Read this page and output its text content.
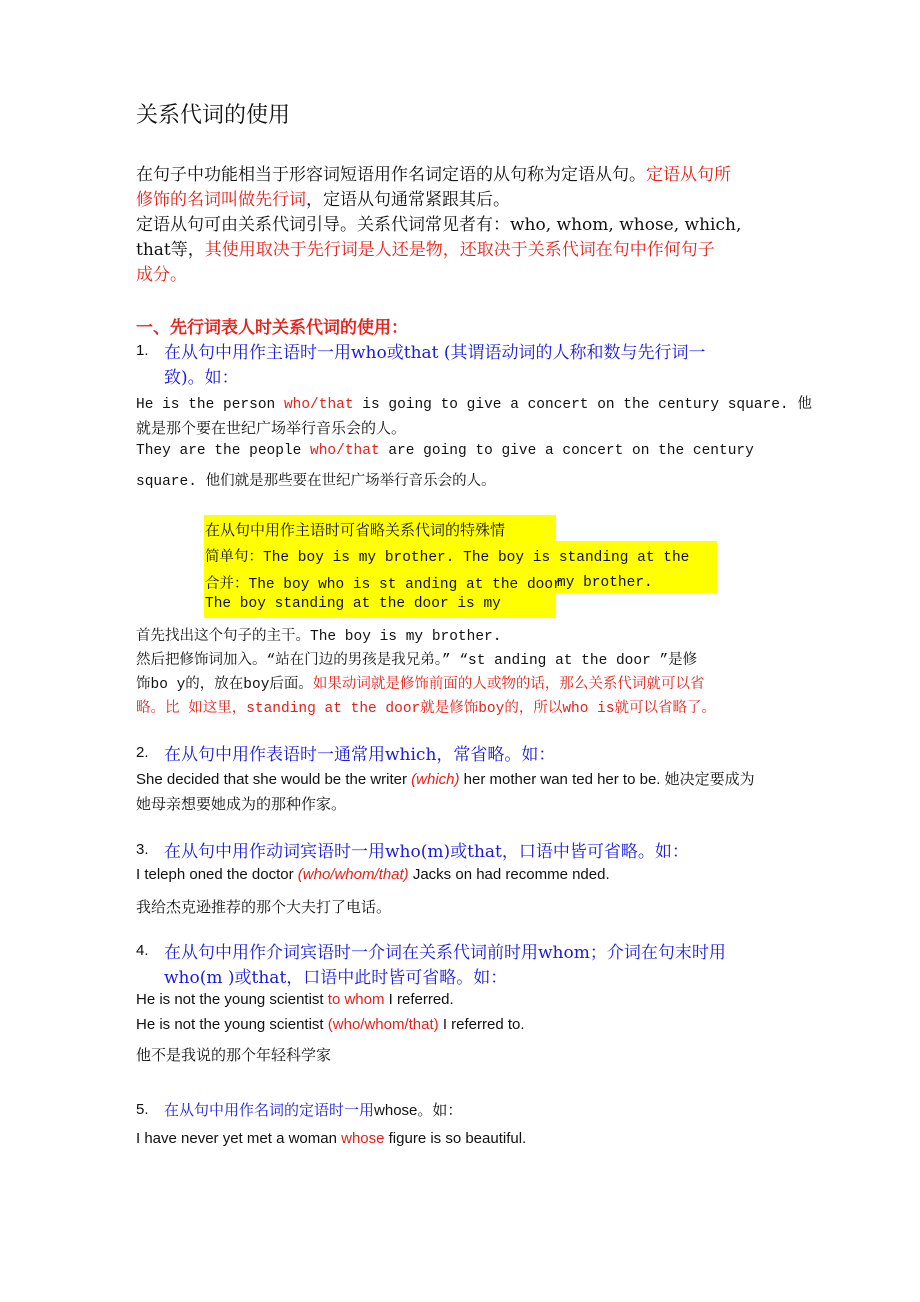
关系代词的使用
在句子中功能相当于形容词短语用作名词定语的从句称为定语从句。定语从句所
修饰的名词叫做先行词，定语从句通常紧跟其后。
定语从句可由关系代词引导。关系代词常见者有：who, whom, whose, which,
that等，其使用取决于先行词是人还是物，还取决于关系代词在句中作何句子
成分。
一、先行词表人时关系代词的使用：
1. 在从句中用作主语时一用who或that (其谓语动词的人称和数与先行词一
致)。如：
He is the person who/that is going to give a concert on the century square. 他
就是那个要在世纪广场举行音乐会的人。
They are the people who/that are going to give a concert on the century
square. 他们就是那些要在世纪广场举行音乐会的人。
在从句中用作主语时可省略关系代词的特殊情
简单句：The boy is my brother. The boy is standing at the
合并：The boy who is st anding at the door
my brother.
The boy standing at the door is my
首先找出这个句子的主干。The boy is my brother.
然后把修饰词加入。“站在门边的男孩是我兄弟。” “st anding at the door ”是修
饰bo y的，放在boy后面。如果动词就是修饰前面的人或物的话，那么关系代词就可以省
略。比 如这里，standing at the door就是修饰boy的，所以who is就可以省略了。
2. 在从句中用作表语时一通常用which，常省略。如：
She decided that she would be the writer (which) her mother wan ted her to be. 她决定要成为
她母亲想要她成为的那种作家。
3. 在从句中用作动词宾语时一用who(m)或that，口语中皆可省略。如：
I teleph oned the doctor (who/whom/that) Jacks on had recomme nded.
我给杰克逊推荐的那个大夫打了电话。
4. 在从句中用作介词宾语时一介词在关系代词前时用whom；介词在句末时用
who(m )或that，口语中此时皆可省略。如：
He is not the young scientist to whom I referred.
He is not the young scientist (who/whom/that) I referred to.
他不是我说的那个年轻科学家
5. 在从句中用作名词的定语时一用whose。如：
I have never yet met a woman whose figure is so beautiful.
